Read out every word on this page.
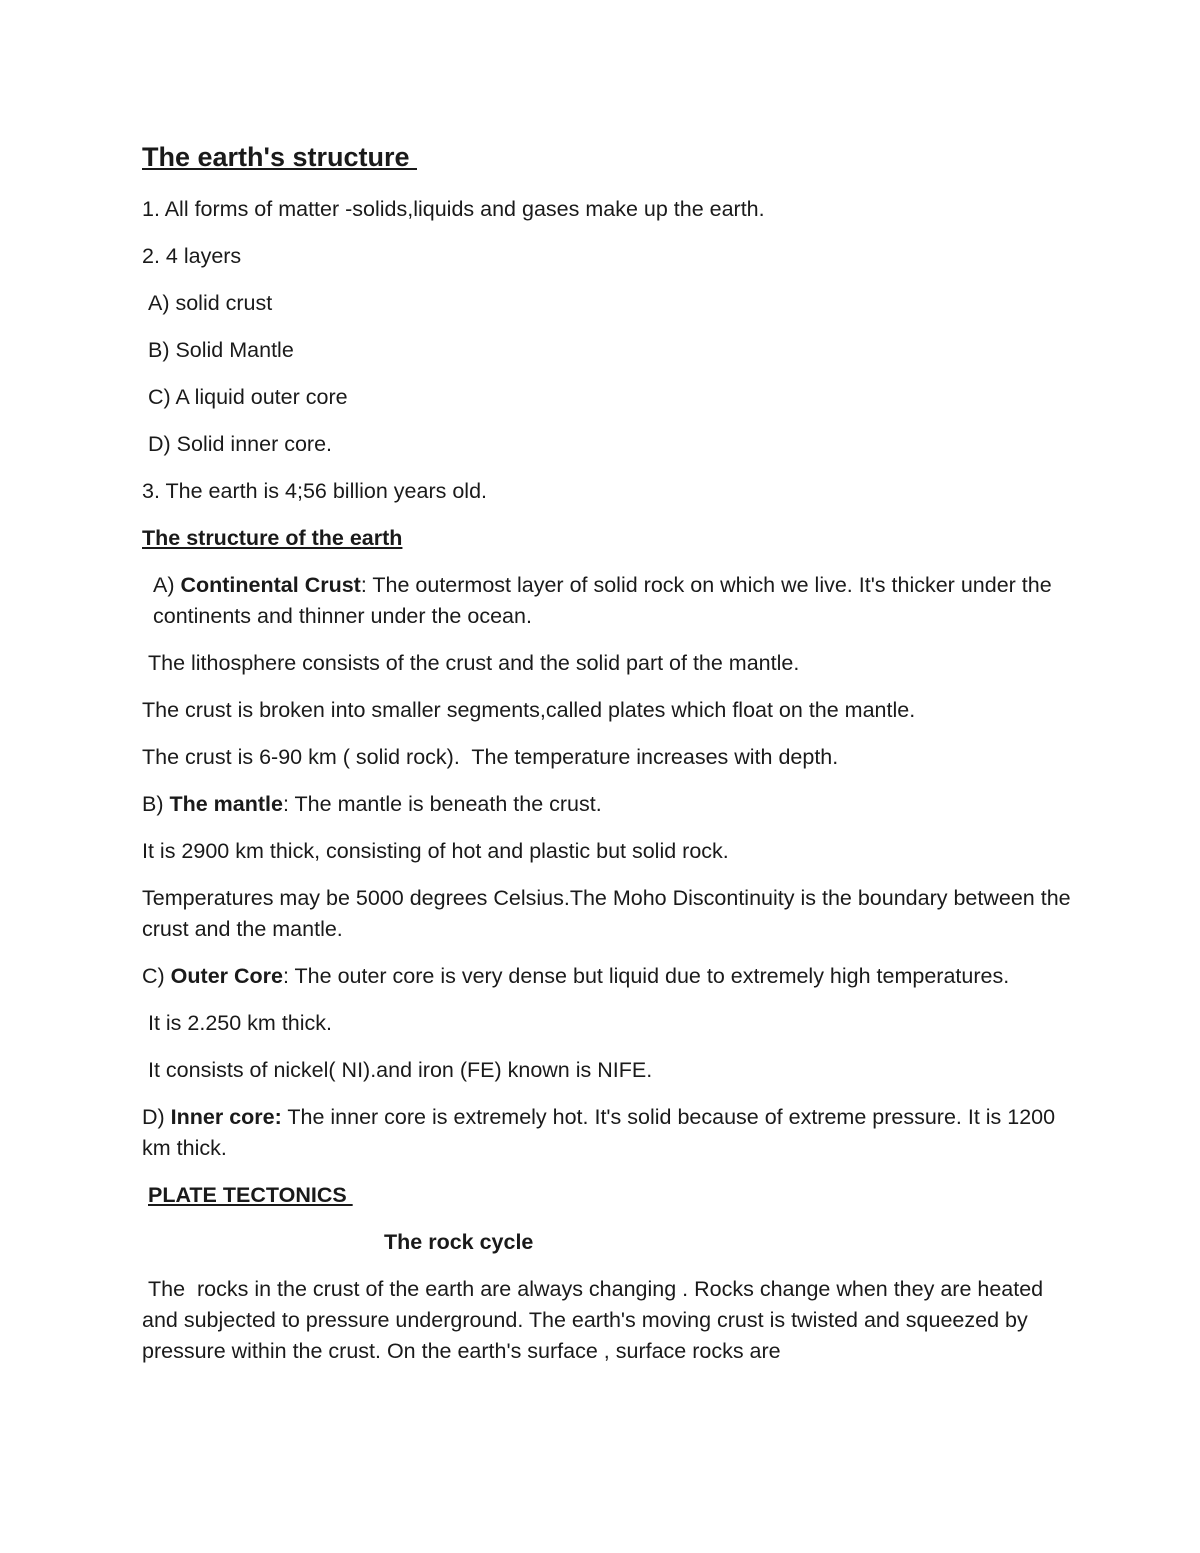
The earth's structure
1. All forms of matter -solids,liquids and gases make up the earth.
2. 4 layers
A) solid crust
B) Solid Mantle
C) A liquid outer core
D) Solid inner core.
3. The earth is 4;56 billion years old.
The structure of the earth
A) Continental Crust: The outermost layer of solid rock on which we live. It's thicker under the continents and thinner under the ocean.
The lithosphere consists of the crust and the solid part of the mantle.
The crust is broken into smaller segments,called plates which float on the mantle.
The crust is 6-90 km ( solid rock).  The temperature increases with depth.
B) The mantle: The mantle is beneath the crust.
It is 2900 km thick, consisting of hot and plastic but solid rock.
Temperatures may be 5000 degrees Celsius.The Moho Discontinuity is the boundary between the crust and the mantle.
C) Outer Core: The outer core is very dense but liquid due to extremely high temperatures.
It is 2.250 km thick.
It consists of nickel( NI).and iron (FE) known is NIFE.
D) Inner core: The inner core is extremely hot. It's solid because of extreme pressure. It is 1200 km thick.
PLATE TECTONICS
The rock cycle
The  rocks in the crust of the earth are always changing . Rocks change when they are heated and subjected to pressure underground. The earth's moving crust is twisted and squeezed by pressure within the crust. On the earth's surface , surface rocks are
